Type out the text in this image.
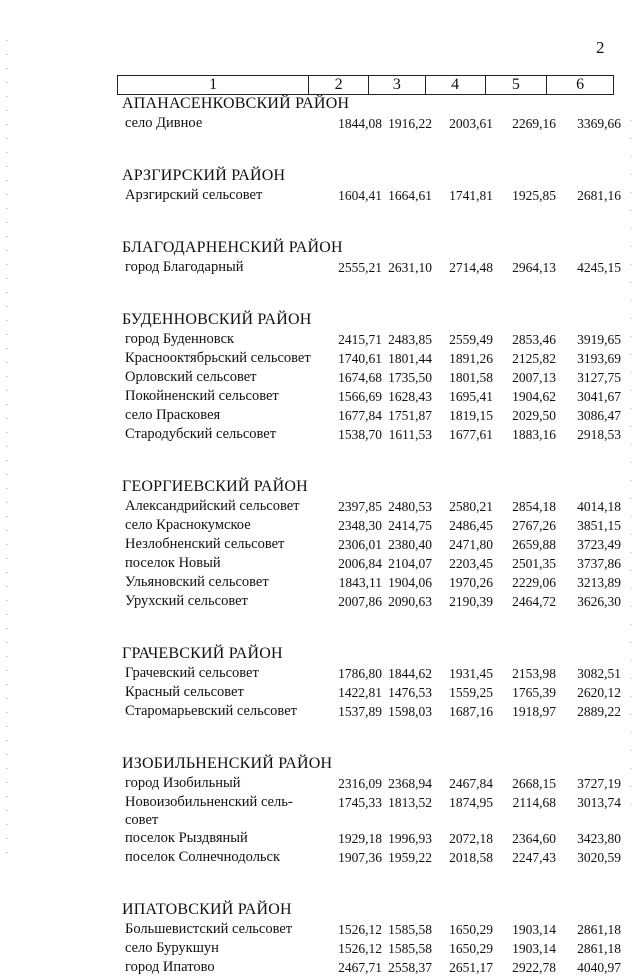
2
1	2	3	4	5	6
АПАНАСЕНКОВСКИЙ РАЙОН
село Дивное	1844,08 1916,22	2003,61	2269,16	3369,66
АРЗГИРСКИЙ РАЙОН
Арзгирский сельсовет	1604,41 1664,61	1741,81	1925,85	2681,16
БЛАГОДАРНЕНСКИЙ РАЙОН
город Благодарный	2555,21 2631,10	2714,48	2964,13	4245,15
БУДЕННОВСКИЙ РАЙОН
город Буденновск	2415,71 2483,85	2559,49	2853,46	3919,65
Краснооктябрьский сельсовет	1740,61 1801,44	1891,26	2125,82	3193,69
Орловский сельсовет	1674,68 1735,50	1801,58	2007,13	3127,75
Покойненский сельсовет	1566,69 1628,43	1695,41	1904,62	3041,67
село Прасковея	1677,84 1751,87	1819,15	2029,50	3086,47
Стародубский сельсовет	1538,70 1611,53	1677,61	1883,16	2918,53
ГЕОРГИЕВСКИЙ РАЙОН
Александрийский сельсовет	2397,85 2480,53	2580,21	2854,18	4014,18
село Краснокумское	2348,30 2414,75	2486,45	2767,26	3851,15
Незлобненский сельсовет	2306,01 2380,40	2471,80	2659,88	3723,49
поселок Новый	2006,84 2104,07	2203,45	2501,35	3737,86
Ульяновский сельсовет	1843,11 1904,06	1970,26	2229,06	3213,89
Урухский сельсовет	2007,86 2090,63	2190,39	2464,72	3626,30
ГРАЧЕВСКИЙ РАЙОН
Грачевский сельсовет	1786,80 1844,62	1931,45	2153,98	3082,51
Красный сельсовет	1422,81 1476,53	1559,25	1765,39	2620,12
Старомарьевский сельсовет	1537,89 1598,03	1687,16	1918,97	2889,22
ИЗОБИЛЬНЕНСКИЙ РАЙОН
город Изобильный	2316,09 2368,94	2467,84	2668,15	3727,19
Новоизобильненский сель-совет
1745,33 1813,52	1874,95	2114,68	3013,74
поселок Рыздвяный	1929,18 1996,93	2072,18	2364,60	3423,80
поселок Солнечнодольск	1907,36 1959,22	2018,58	2247,43	3020,59
ИПАТОВСКИЙ РАЙОН
Большевистский сельсовет	1526,12 1585,58	1650,29	1903,14	2861,18
село Бурукшун	1526,12 1585,58	1650,29	1903,14	2861,18
город Ипатово	2467,71 2558,37	2651,17	2922,78	4040,97
